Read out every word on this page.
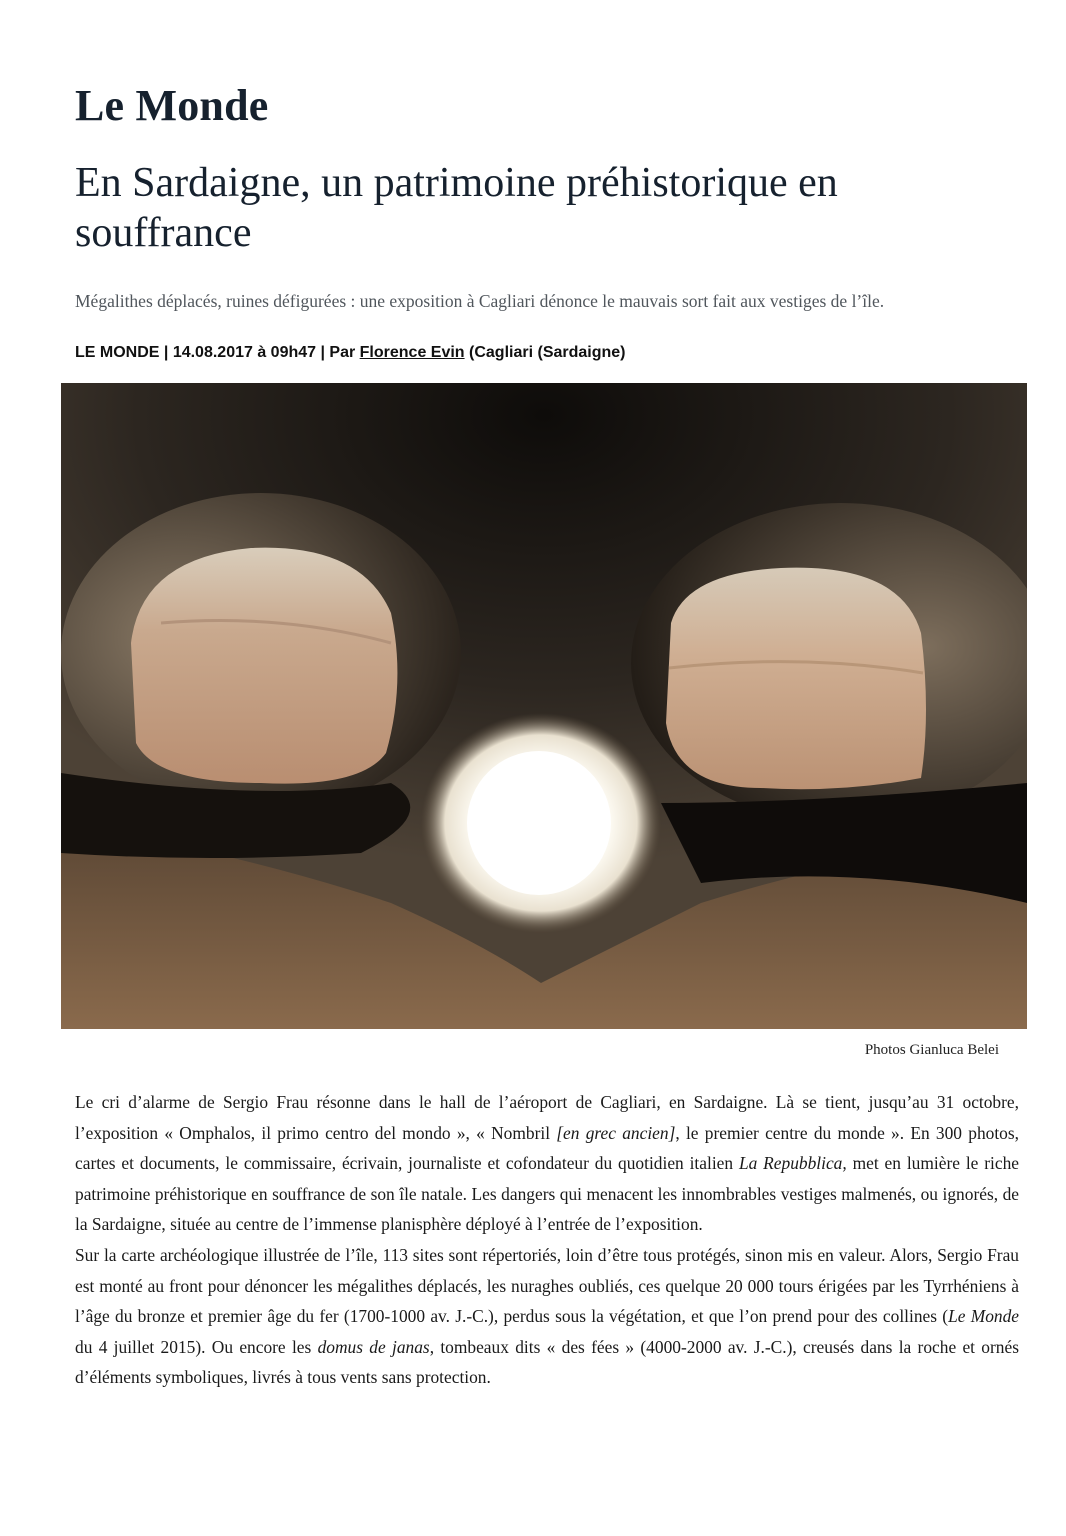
Le Monde
En Sardaigne, un patrimoine préhistorique en souffrance
Mégalithes déplacés, ruines défigurées : une exposition à Cagliari dénonce le mauvais sort fait aux vestiges de l’île.
LE MONDE | 14.08.2017 à 09h47 | Par Florence Evin (Cagliari (Sardaigne)
Photos Gianluca Belei

Le cri d’alarme de Sergio Frau résonne dans le hall de l’aéroport de Cagliari, en Sardaigne. Là se tient, jusqu’au 31 octobre, l’exposition « Omphalos, il primo centro del mondo », « Nombril [en grec ancien], le premier centre du monde ». En 300 photos, cartes et documents, le commissaire, écrivain, journaliste et cofondateur du quotidien italien La Repubblica, met en lumière le riche patrimoine préhistorique en souffrance de son île natale. Les dangers qui menacent les innombrables vestiges malmenés, ou ignorés, de la Sardaigne, située au centre de l’immense planisphère déployé à l’entrée de l’exposition.

Sur la carte archéologique illustrée de l’île, 113 sites sont répertoriés, loin d’être tous protégés, sinon mis en valeur. Alors, Sergio Frau est monté au front pour dénoncer les mégalithes déplacés, les nuraghes oubliés, ces quelque 20 000 tours érigées par les Tyrrhéniens à l’âge du bronze et premier âge du fer (1700-1000 av. J.-C.), perdus sous la végétation, et que l’on prend pour des collines (Le Monde du 4 juillet 2015). Ou encore les domus de janas, tombeaux dits « des fées » (4000-2000 av. J.-C.), creusés dans la roche et ornés d’éléments symboliques, livrés à tous vents sans protection.
